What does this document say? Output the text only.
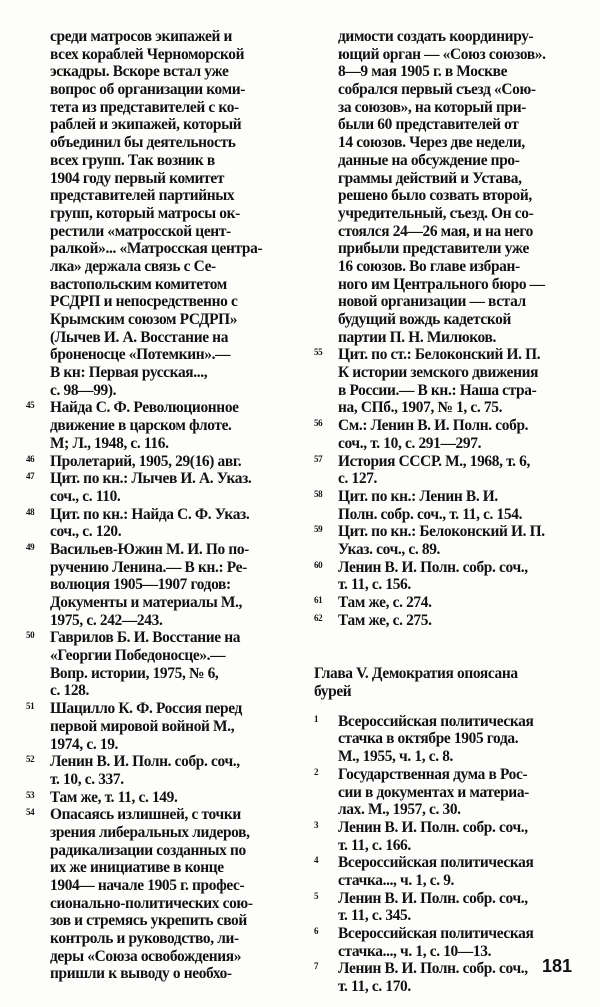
среди матросов экипажей и
всех кораблей Черноморской
эскадры. Вскоре встал уже
вопрос об организации коми-
тета из представителей с ко-
раблей и экипажей, который
объединил бы деятельность
всех групп. Так возник в
1904 году первый комитет
представителей партийных
групп, который матросы ок-
рестили «матросской цент-
ралкой»... «Матросская центра-
лка» держала связь с Се-
вастопольским комитетом
РСДРП и непосредственно с
Крымским союзом РСДРП»
(Лычев И. А. Восстание на
броненосце «Потемкин».—
В кн: Первая русская...,
с. 98—99).
45	Найда С. Ф. Революционное
движение в царском флоте.
М; Л., 1948, с. 116.
46	Пролетарий, 1905, 29(16) авг.
47	Цит. по кн.: Лычев И. А. Указ.
соч., с. 110.
48	Цит. по кн.: Найда С. Ф. Указ.
соч., с. 120.
49	Васильев-Южин М. И. По по-
ручению Ленина.— В кн.: Ре-
волюция 1905—1907 годов:
Документы и материалы М.,
1975, с. 242—243.
50	Гаврилов Б. И. Восстание на
«Георгии Победоносце».—
Вопр. истории, 1975, № 6,
с. 128.
51	Шацилло К. Ф. Россия перед
первой мировой войной М.,
1974, с. 19.
52	Ленин В. И. Полн. собр. соч.,
т. 10, с. 337.
53	Там же, т. 11, с. 149.
54	Опасаясь излишней, с точки
зрения либеральных лидеров,
радикализации созданных по
их же инициативе в конце
1904— начале 1905 г. профес-
сионально-политических сою-
зов и стремясь укрепить свой
контроль и руководство, ли-
деры «Союза освобождения»
пришли к выводу о необхо-
димости создать координиру-
ющий орган — «Союз союзов».
8—9 мая 1905 г. в Москве
собрался первый съезд «Сою-
за союзов», на который при-
были 60 представителей от
14 союзов. Через две недели,
данные на обсуждение про-
граммы действий и Устава,
решено было созвать второй,
учредительный, съезд. Он со-
стоялся 24—26 мая, и на него
прибыли представители уже
16 союзов. Во главе избран-
ного им Центрального бюро —
новой организации — встал
будущий вождь кадетской
партии П. Н. Милюков.
55	Цит. по ст.: Белоконский И. П.
К истории земского движения
в России.— В кн.: Наша стра-
на, СПб., 1907, № 1, с. 75.
56	См.: Ленин В. И. Полн. собр.
соч., т. 10, с. 291—297.
57	История СССР. М., 1968, т. 6,
с. 127.
58	Цит. по кн.: Ленин В. И.
Полн. собр. соч., т. 11, с. 154.
59	Цит. по кн.: Белоконский И. П.
Указ. соч., с. 89.
60	Ленин В. И. Полн. собр. соч.,
т. 11, с. 156.
61	Там же, с. 274.
62	Там же, с. 275.
Глава V. Демократия опоясана
бурей
1	Всероссийская политическая
стачка в октябре 1905 года.
М., 1955, ч. 1, с. 8.
2	Государственная дума в Рос-
сии в документах и материа-
лах. М., 1957, с. 30.
3	Ленин В. И. Полн. собр. соч.,
т. 11, с. 166.
4	Всероссийская политическая
стачка..., ч. 1, с. 9.
5	Ленин В. И. Полн. собр. соч.,
т. 11, с. 345.
6	Всероссийская политическая
стачка..., ч. 1, с. 10—13.
7	Ленин В. И. Полн. собр. соч.,
т. 11, с. 170.
181
